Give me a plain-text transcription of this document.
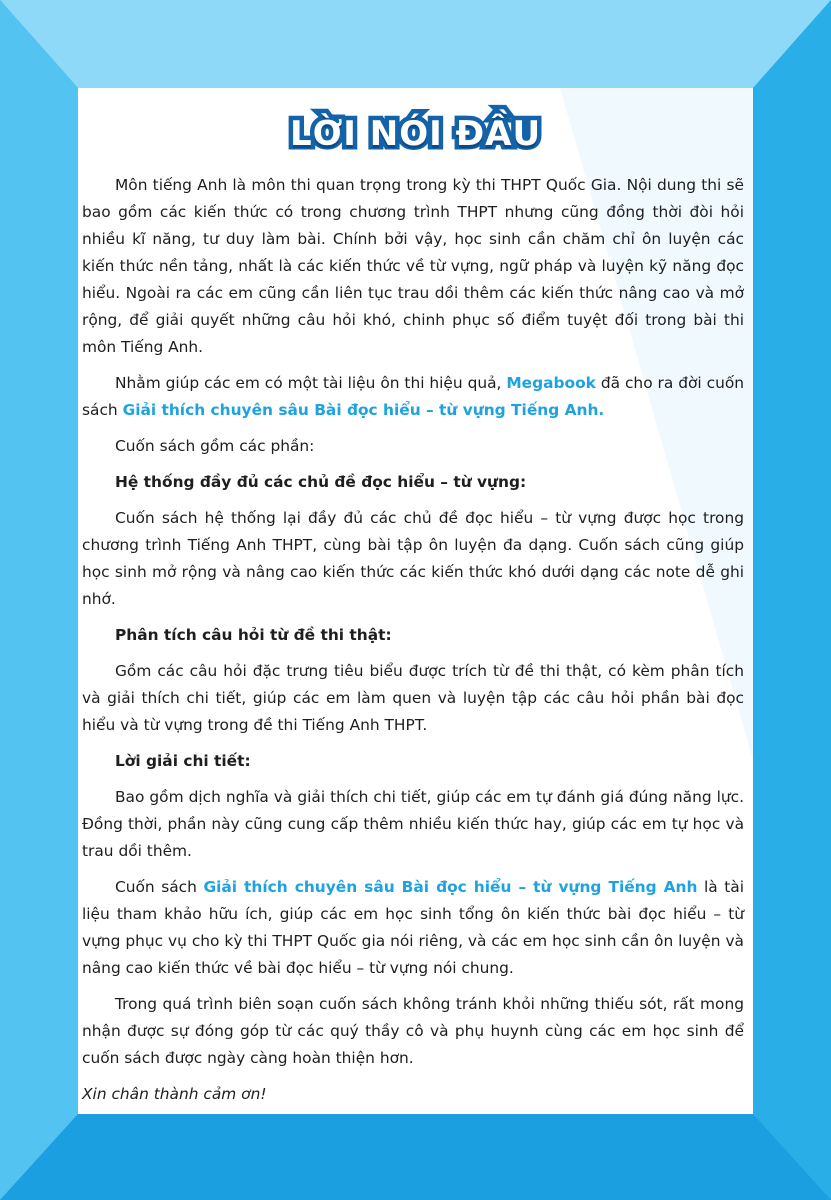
LỜI NÓI ĐẦU

Môn tiếng Anh là môn thi quan trọng trong kỳ thi THPT Quốc Gia. Nội dung thi sẽ bao gồm các kiến thức có trong chương trình THPT nhưng cũng đồng thời đòi hỏi nhiều kĩ năng, tư duy làm bài. Chính bởi vậy, học sinh cần chăm chỉ ôn luyện các kiến thức nền tảng, nhất là các kiến thức về từ vựng, ngữ pháp và luyện kỹ năng đọc hiểu. Ngoài ra các em cũng cần liên tục trau dồi thêm các kiến thức nâng cao và mở rộng, để giải quyết những câu hỏi khó, chinh phục số điểm tuyệt đối trong bài thi môn Tiếng Anh.

Nhằm giúp các em có một tài liệu ôn thi hiệu quả, Megabook đã cho ra đời cuốn sách Giải thích chuyên sâu Bài đọc hiểu – từ vựng Tiếng Anh.

Cuốn sách gồm các phần:

Hệ thống đầy đủ các chủ đề đọc hiểu – từ vựng:

Cuốn sách hệ thống lại đầy đủ các chủ đề đọc hiểu – từ vựng được học trong chương trình Tiếng Anh THPT, cùng bài tập ôn luyện đa dạng. Cuốn sách cũng giúp học sinh mở rộng và nâng cao kiến thức các kiến thức khó dưới dạng các note dễ ghi nhớ.

Phân tích câu hỏi từ đề thi thật:

Gồm các câu hỏi đặc trưng tiêu biểu được trích từ đề thi thật, có kèm phân tích và giải thích chi tiết, giúp các em làm quen và luyện tập các câu hỏi phần bài đọc hiểu và từ vựng trong đề thi Tiếng Anh THPT.

Lời giải chi tiết:

Bao gồm dịch nghĩa và giải thích chi tiết, giúp các em tự đánh giá đúng năng lực. Đồng thời, phần này cũng cung cấp thêm nhiều kiến thức hay, giúp các em tự học và trau dồi thêm.

Cuốn sách Giải thích chuyên sâu Bài đọc hiểu – từ vựng Tiếng Anh là tài liệu tham khảo hữu ích, giúp các em học sinh tổng ôn kiến thức bài đọc hiểu – từ vựng phục vụ cho kỳ thi THPT Quốc gia nói riêng, và các em học sinh cần ôn luyện và nâng cao kiến thức về bài đọc hiểu – từ vựng nói chung.

Trong quá trình biên soạn cuốn sách không tránh khỏi những thiếu sót, rất mong nhận được sự đóng góp từ các quý thầy cô và phụ huynh cùng các em học sinh để cuốn sách được ngày càng hoàn thiện hơn.

Xin chân thành cảm ơn!
